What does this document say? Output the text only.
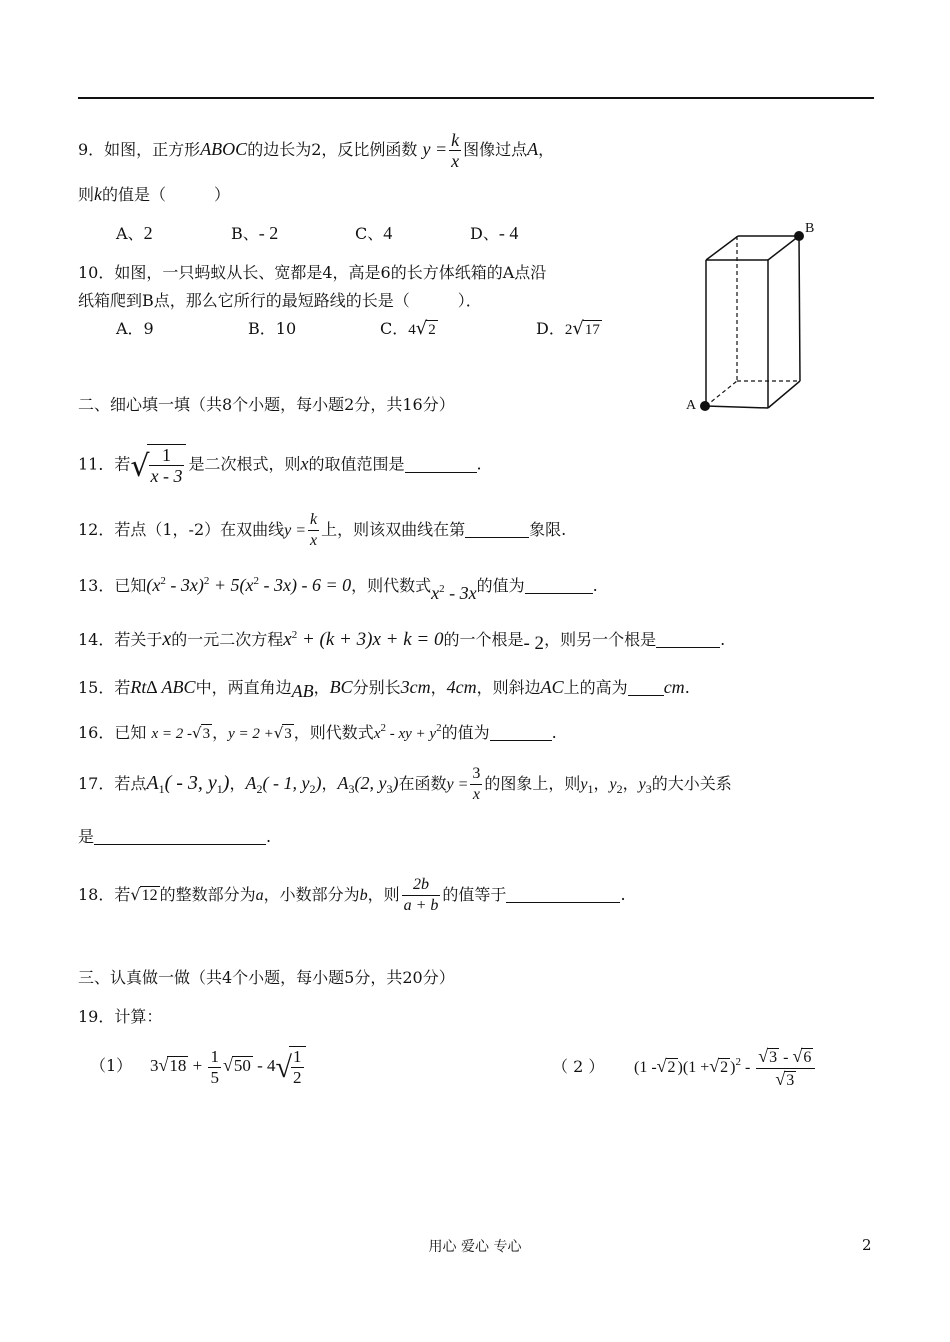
9．如图，正方形ABOC的边长为2，反比例函数 $y = \frac{k}{x}$ 图像过点A，
则k的值是（　　　）
A、2	B、- 2	C、4	D、- 4
10．如图，一只蚂蚁从长、宽都是4，高是6的长方体纸箱的A点沿
纸箱爬到B点，那么它所行的最短路线的长是（　　　）．
A．9	B．10	C．4√2	D．2√17
B
A
二、细心填一填（共8个小题，每小题2分，共16分）
11．若√
$\frac{1}{x - 3}$ 是二次根式，则x的取值范围是	.
12．若点（1，-2）在双曲线$y = \frac{k}{x}$ 上，则该双曲线在第	象限.
13．已知$(x^2 - 3x)^2 + 5(x^2 - 3x) - 6 = 0$，则代数式$x^2 - 3x$的值为	.
14．若关于x的一元二次方程$x^2 + (k + 3)x + k = 0$的一个根是- 2，则另一个根是	.
15．若Rt∆ ABC中，两直角边AB，BC分别长3cm，4cm，则斜边AC上的高为 cm.
16．已知 x = 2 -√3 ，y = 2 +√3 ，则代数式$x^2$ - xy + $y^2$的值为	.
17．若点$A_1( - 3$, $y_1$)，$A_2( - 1$, $y_2$)，$A_3(2$, $y_3$)在函数$y = \frac{3}{x}$ 的图象上，则$y_1$，$y_2$，$y_3$的大小关系
是	.
18．若√12 的整数部分为a，小数部分为b，则 $\frac{2b}{a + b}$ 的值等于	.
三、认真做一做（共4个小题，每小题5分，共20分）
19．计算：
（1） $3√18 + \frac{1}{5} √50 - 4√$
$\frac{1}{2}$	（ 2 ） (1 -√2 )(1 +√2 )$^2 - \frac{√3 - √6}{√3}$
用心 爱心 专心	2
